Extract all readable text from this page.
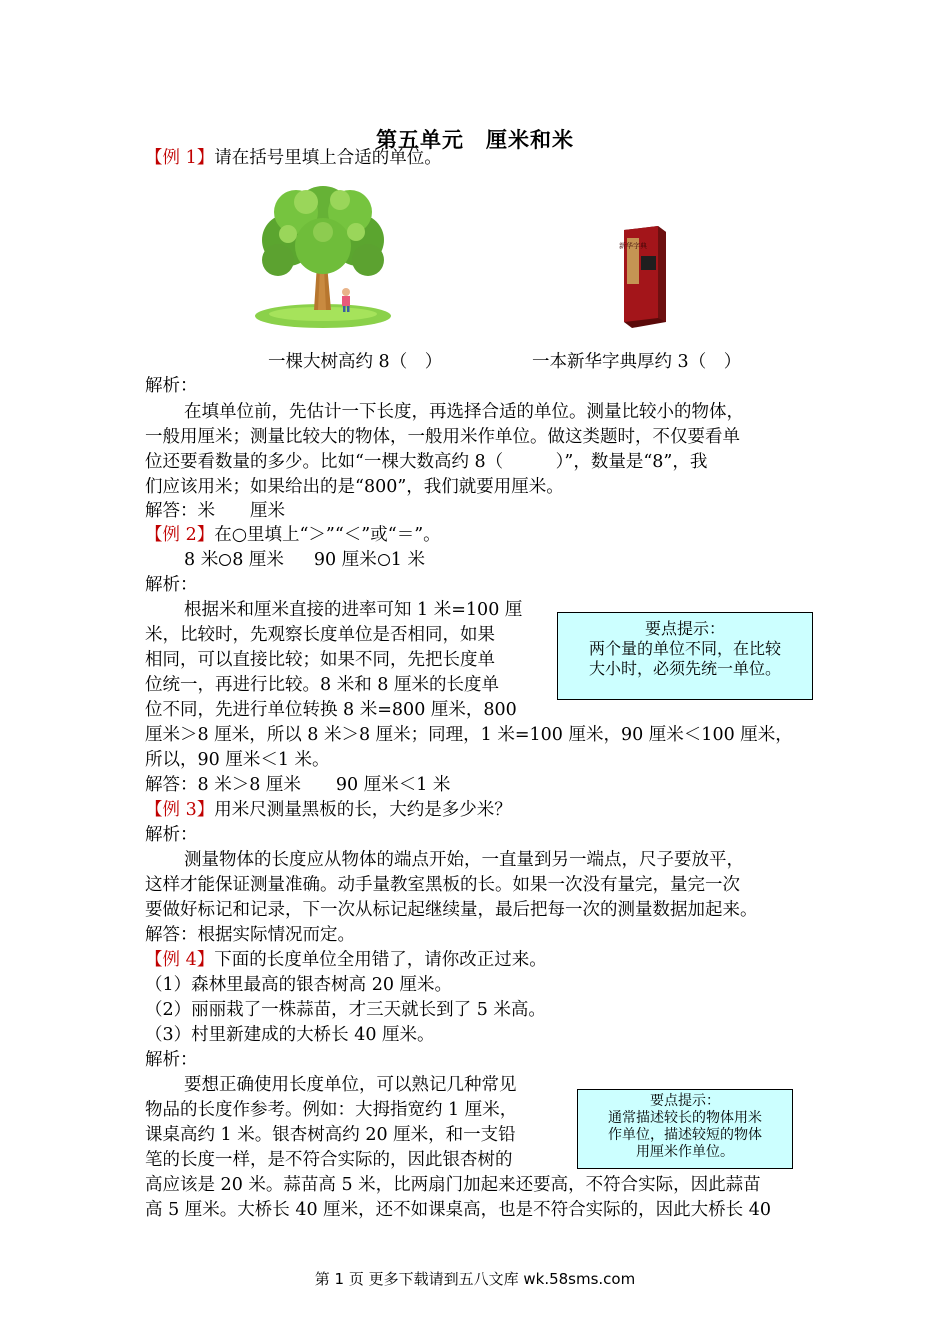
第五单元　厘米和米
【例 1】请在括号里填上合适的单位。
新华字典
一棵大树高约 8（　）	一本新华字典厚约 3（　）
解析：
在填单位前，先估计一下长度，再选择合适的单位。测量比较小的物体，
一般用厘米；测量比较大的物体，一般用米作单位。做这类题时，不仅要看单
位还要看数量的多少。比如“一棵大数高约 8（　　　）”，数量是“8”，我
们应该用米；如果给出的是“800”，我们就要用厘米。
解答：米　　厘米
【例 2】在○里填上“＞”“＜”或“＝”。
8 米 8 厘米 90 厘米 1 米
解析：
根据米和厘米直接的进率可知 1 米=100 厘
米，比较时，先观察长度单位是否相同，如果
相同，可以直接比较；如果不同，先把长度单
位统一，再进行比较。8 米和 8 厘米的长度单
位不同，先进行单位转换 8 米=800 厘米，800
厘米＞8 厘米，所以 8 米＞8 厘米；同理，1 米=100 厘米，90 厘米＜100 厘米，
所以，90 厘米＜1 米。
解答：8 米＞8 厘米　　90 厘米＜1 米
要点提示：
两个量的单位不同，在比较
大小时，必须先统一单位。
【例 3】用米尺测量黑板的长，大约是多少米？
解析：
测量物体的长度应从物体的端点开始，一直量到另一端点，尺子要放平，
这样才能保证测量准确。动手量教室黑板的长。如果一次没有量完，量完一次
要做好标记和记录，下一次从标记起继续量，最后把每一次的测量数据加起来。
解答：根据实际情况而定。
【例 4】下面的长度单位全用错了，请你改正过来。
（1）森林里最高的银杏树高 20 厘米。
（2）丽丽栽了一株蒜苗，才三天就长到了 5 米高。
（3）村里新建成的大桥长 40 厘米。
解析：
要想正确使用长度单位，可以熟记几种常见
物品的长度作参考。例如：大拇指宽约 1 厘米，
课桌高约 1 米。银杏树高约 20 厘米，和一支铅
笔的长度一样，是不符合实际的，因此银杏树的
高应该是 20 米。蒜苗高 5 米，比两扇门加起来还要高，不符合实际，因此蒜苗
高 5 厘米。大桥长 40 厘米，还不如课桌高，也是不符合实际的，因此大桥长 40
要点提示：
通常描述较长的物体用米
作单位，描述较短的物体
用厘米作单位。
第 1 页 更多下载请到五八文库 wk.58sms.com
